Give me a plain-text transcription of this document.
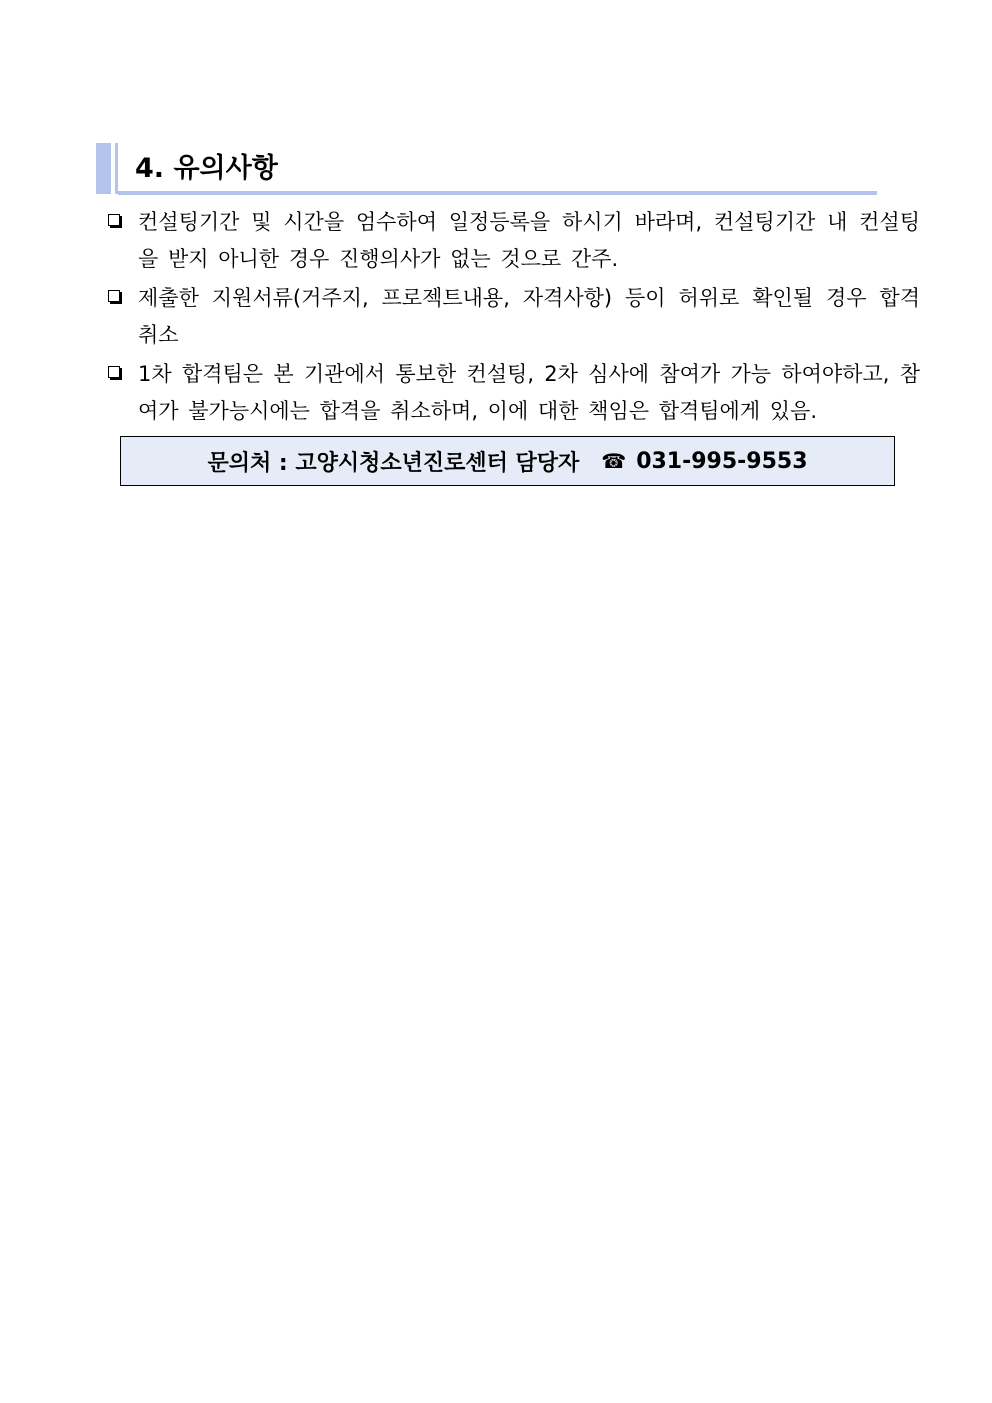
4. 유의사항
컨설팅기간 및 시간을 엄수하여 일정등록을 하시기 바라며, 컨설팅기간 내 컨설팅을 받지 아니한 경우 진행의사가 없는 것으로 간주.
제출한 지원서류(거주지, 프로젝트내용, 자격사항) 등이 허위로 확인될 경우 합격 취소
1차 합격팀은 본 기관에서 통보한 컨설팅, 2차 심사에 참여가 가능 하여야하고, 참여가 불가능시에는 합격을 취소하며, 이에 대한 책임은 합격팀에게 있음.
문의처 : 고양시청소년진로센터 담당자 ☎ 031-995-9553
